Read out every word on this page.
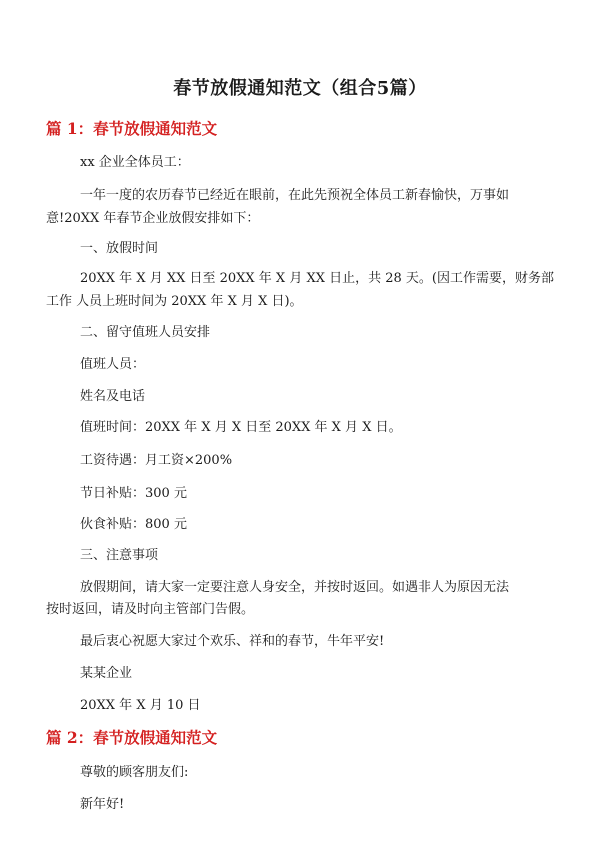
春节放假通知范文（组合5篇）
篇 1：春节放假通知范文
xx 企业全体员工：
一年一度的农历春节已经近在眼前，在此先预祝全体员工新春愉快，万事如
意!20XX 年春节企业放假安排如下：
一、放假时间
20XX 年 X 月 XX 日至 20XX 年 X 月 XX 日止，共 28 天。(因工作需要，财务部
工作 人员上班时间为 20XX 年 X 月 X 日)。
二、留守值班人员安排
值班人员：
姓名及电话
值班时间：20XX 年 X 月 X 日至 20XX 年 X 月 X 日。
工资待遇：月工资×200%
节日补贴：300 元
伙食补贴：800 元
三、注意事项
放假期间，请大家一定要注意人身安全，并按时返回。如遇非人为原因无法
按时返回，请及时向主管部门告假。
最后衷心祝愿大家过个欢乐、祥和的春节，牛年平安!
某某企业
20XX 年 X 月 10 日
篇 2：春节放假通知范文
尊敬的顾客朋友们:
新年好!
